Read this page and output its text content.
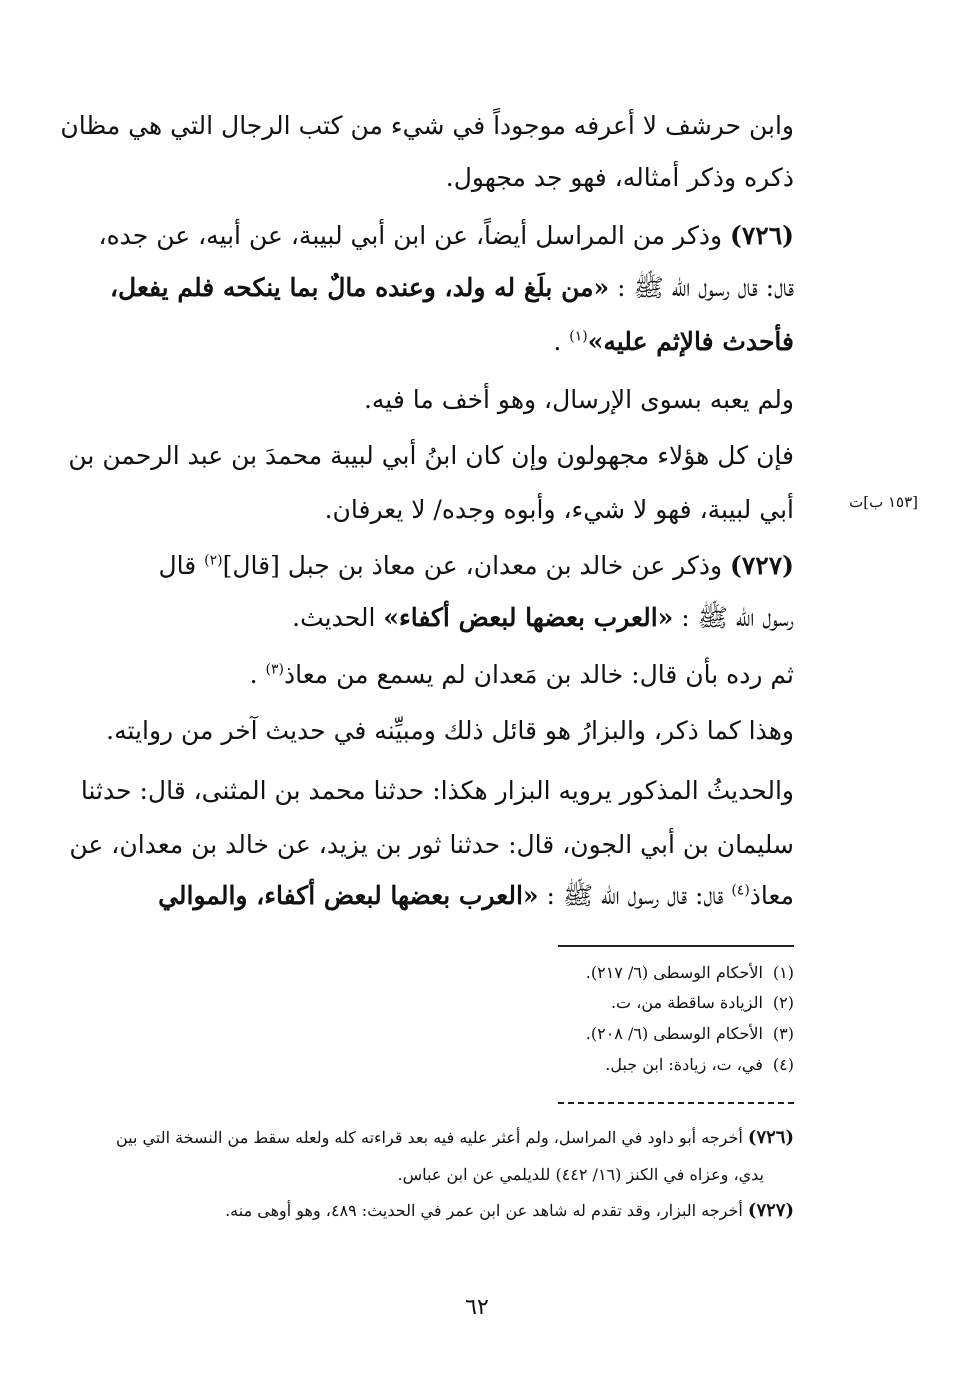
وابن حرشف لا أعرفه موجوداً في شيء من كتب الرجال التي هي مظان
ذكره وذكر أمثاله، فهو جد مجهول.
(٧٢٦) وذكر من المراسل أيضاً، عن ابن أبي لبيبة، عن أبيه، عن جده،
قال: قال رسول الله ﷺ : «من بلَغ له ولد، وعنده مالٌ بما ينكحه فلم يفعل،
فأحدث فالإثم عليه»$^{(١)}$ .
ولم يعبه بسوى الإرسال، وهو أخف ما فيه.
فإن كل هؤلاء مجهولون وإن كان ابنُ أبي لبيبة محمدَ بن عبد الرحمن بن
أبي لبيبة، فهو لا شيء، وأبوه وجده/ لا يعرفان.	[١٥٣ ب]ت
(٧٢٧) وذكر عن خالد بن معدان، عن معاذ بن جبل [قال]$^{(٢)}$ قال
رسول الله ﷺ : «العرب بعضها لبعض أكفاء» الحديث.
ثم رده بأن قال: خالد بن مَعدان لم يسمع من معاذ$^{(٣)}$ .
وهذا كما ذكر، والبزارُ هو قائل ذلك ومبيِّنه في حديث آخر من روايته.
والحديثُ المذكور يرويه البزار هكذا: حدثنا محمد بن المثنى، قال: حدثنا
سليمان بن أبي الجون، قال: حدثنا ثور بن يزيد، عن خالد بن معدان، عن
معاذ$^{(٤)}$ قال: قال رسول الله ﷺ : «العرب بعضها لبعض أكفاء، والموالي
(١)الأحكام الوسطى (٦/ ٢١٧).
(٢)الزيادة ساقطة من، ت.
(٣)الأحكام الوسطى (٦/ ٢٠٨).
(٤)في، ت، زيادة: ابن جبل.
(٧٢٦) أخرجه أبو داود في المراسل، ولم أعثر عليه فيه بعد قراءته كله ولعله سقط من النسخة التي بين
يدي، وعزاه في الكنز (١٦/ ٤٤٢) للديلمي عن ابن عباس.
(٧٢٧) أخرجه البزار، وقد تقدم له شاهد عن ابن عمر في الحديث: ٤٨٩، وهو أوهى منه.
٦٢
